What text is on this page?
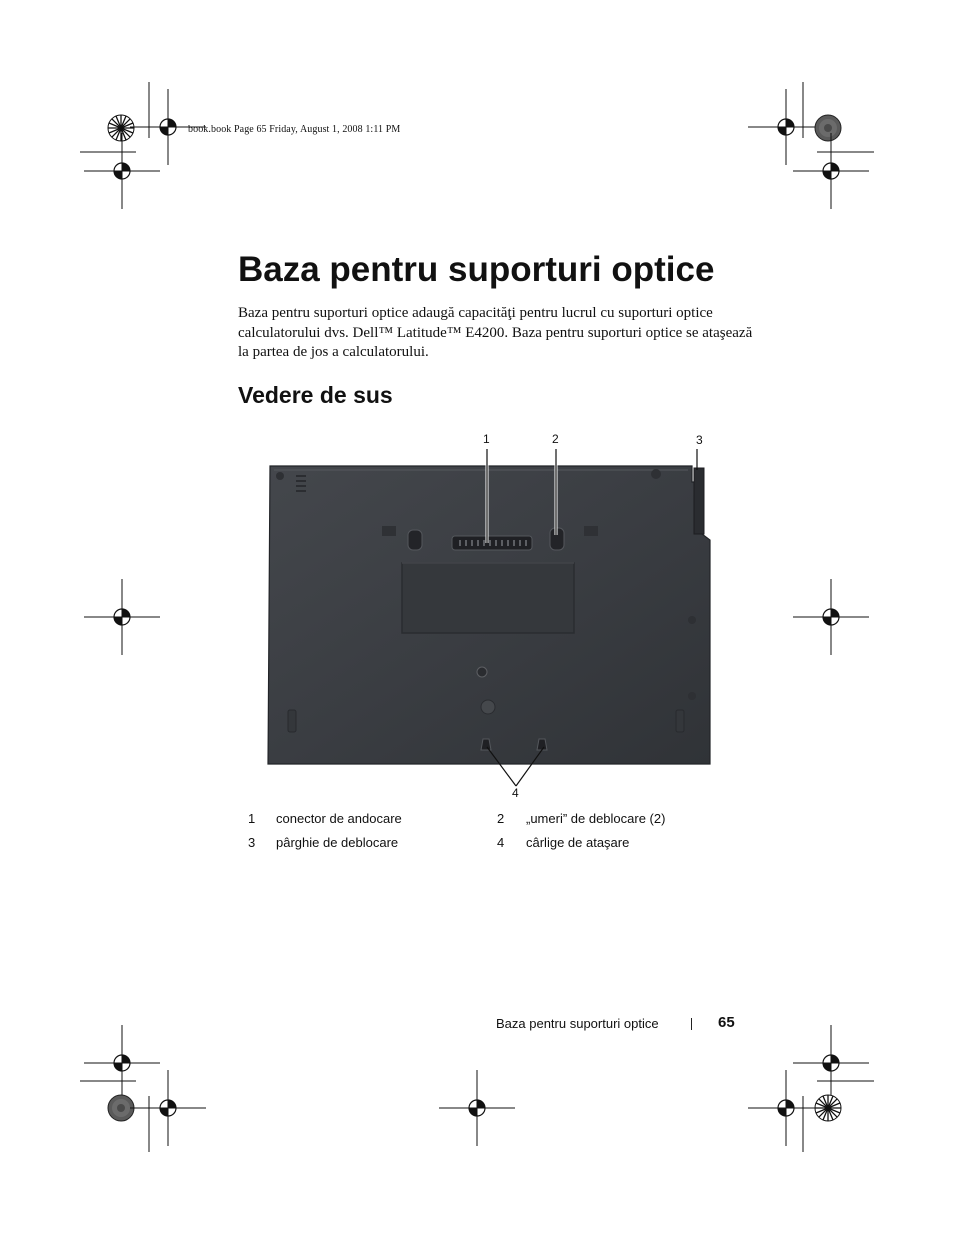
book.book Page 65 Friday, August 1, 2008 1:11 PM
Baza pentru suporturi optice

Baza pentru suporturi optice adaugă capacităţi pentru lucrul cu suporturi optice calculatorului dvs. Dell™ Latitude™ E4200. Baza pentru suporturi optice se ataşează la partea de jos a calculatorului.

Vedere de sus
1	2	3
4
1 conector de andocare	2 „umeri” de deblocare (2)
3 pârghie de deblocare	4 cârlige de ataşare
Baza pentru suporturi optice	65
